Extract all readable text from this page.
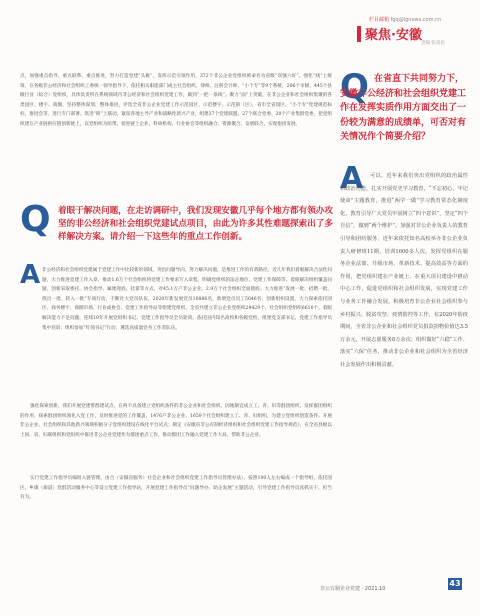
栏目邮箱 fgq@lgnews.com.cn
聚焦·安徽
责编 张雷岩

点、加强重点指导、重点联系、重点推进，努力打造党建“头雁”，发挥示范引领作用，372个非公企业党组织被命名为省级“双强六好”。强化“线”上统筹，在各级非公经济和社会组织工委统一领导指导下，依托相关职能部门或主社会组织、律师、注册会计师、“小个专”等9个系统，206个市级、445个县级行业（综合）党组织，具体负责所在系统领域内非公经济和社会组织党建工作，做到“一把一条线”。聚力“面”上突破，在非公企业和社会组织集聚的各类园区、楼宇、商圈，坚持整体谋划、整体推进，评选全省非公企业党建工作示范园区、示范楼宇、示范街（区），省市全省园区、“小个专”党建规范标杆、推进会等，进行专门部署。筑进“锁”上联动，紧扣各地主导产业和战略性新兴产业，组建37个党建联盟、27个联合党委、20个产业集群党委，把党组织建在产业链供应链创新链上，以党组织为纽带，促进链上企业、科研机构、行业协会等组织融合、资源聚合、发展联合，实现抱团发展。

Q 着眼于解决问题，在走访调研中，我们发现安徽几乎每个地方都有领办攻坚的非公经济和社会组织党建试点项目，由此为许多其性难题探索出了多样解决方案。请介绍一下这些年的重点工作创新。

A 非公经济和社会组织党建属于党建工作中比较新的领域，突出问题导向，努力解决问题，是推进工作的有效路径。近几年我们着眼解决合法性问题，大力推进党建工作入章，推动1.6万个社会组织将党建工作要求写入章程，明确党组织的法定地位，党建工作保障等。着眼解决组织覆盖问题，创新采取委托、协会指导、属地兜底、挂靠等方式，对45.1万户非公企业、2.9万个社会组织全面摸底；大力推进“发展一批、招聘一批、找出一批、转入一批”专项行动，不断壮大党员队伍，2020年新发展党员10886名，新增党员员工5646名；创新组织设置，大力探索依托园区、商务楼宇、商圈市场、行业或协会、党建工作指导站等组建党组织，全省共建立非公企业党组织29429个、社会组织党组织6610个。着眼解决能力不足问题，连续10年开展党组织书记、党建工作指导员全员轮训，依托国内知名高校和各级党校，组建党支部书记、党建工作指导员集中培训；组织参加“红领书记”行动，遴选高质量党务工作者队伍。

强化探索创新，我们开展党建带群建试点，在两不具备建立党组织条件的非公企业和社会组织，因地制宜成立工、青、妇等群团组织，发挥群团组织的作用，探索群团组织领化入党工作，及时推进党的工作覆盖，1476户非公企业、1659个社会组织建立工、青、妇组织，为建立党组织创造条件。开展非公企业、社会组织和其他新兴领域积极分子党组织建设在线化平台试点；制定《安徽省非公有制经济组织和社会组织党建工作指导规范》，在全省县级以上国、省、妇联组织和党组织中推进非公企业党建作为群团重点工作，推动群团工作融入党建工作大局，帮助非公企业。

实行党建工作指导员编组入链管理，由合（安徽省服务）社会企业和社会组织党建工作指导员管理办法），按照100人左右编成一个指导组，依托园区、乡镇（街道）党群活动服务中心等设立党建工作指导站，开展党建工作指导员“问题导办、助企发展”主题活动，引导党建工作指导员真抓实干、担当有为。

Q 在省直下共同努力下，安徽非公经济和社会组织党建工作在发挥实质作用方面交出了一份较为满意的成绩单，可否对有关情况作个简要介绍？

A	可以。近年来我们突出党组织的政治属性和政治功能，扎实开展党史学习教育，“不忘初心，牢记使命”主题教育，推进“两学一做”学习教育常态化制度化，教育引导广大党员牢固树立“四个意识”，坚定“四个自信”，做到“两个维护”。加强对非公企业负责人的教育引导和团结服务，近年来依托知名高校举办非公企业负责人研修班11期，培训1600多人次。发挥党组织在服务企业法策、升级市场、革新技术、提高效益等方面的作用，把党组织建在产业链上、在重大项目建设中推动中心工作，促进党组织和社会组织发展，实现党建工作与业务工作融合发展。积极培育非公企业社会组织参与乡村振兴、脱贫攻坚、疫情防控等工作，在2020年防疫期间，全省非公企业和社会组织党员捐款捐物价值达3.5万余元，开展志愿服务8万余次；组织做好“六稳”工作、落实“六保”任务，推动非公企业和社会组织为全省经济社会发展作出积极贡献。

非公有制企业党建 · 2021.10
43
